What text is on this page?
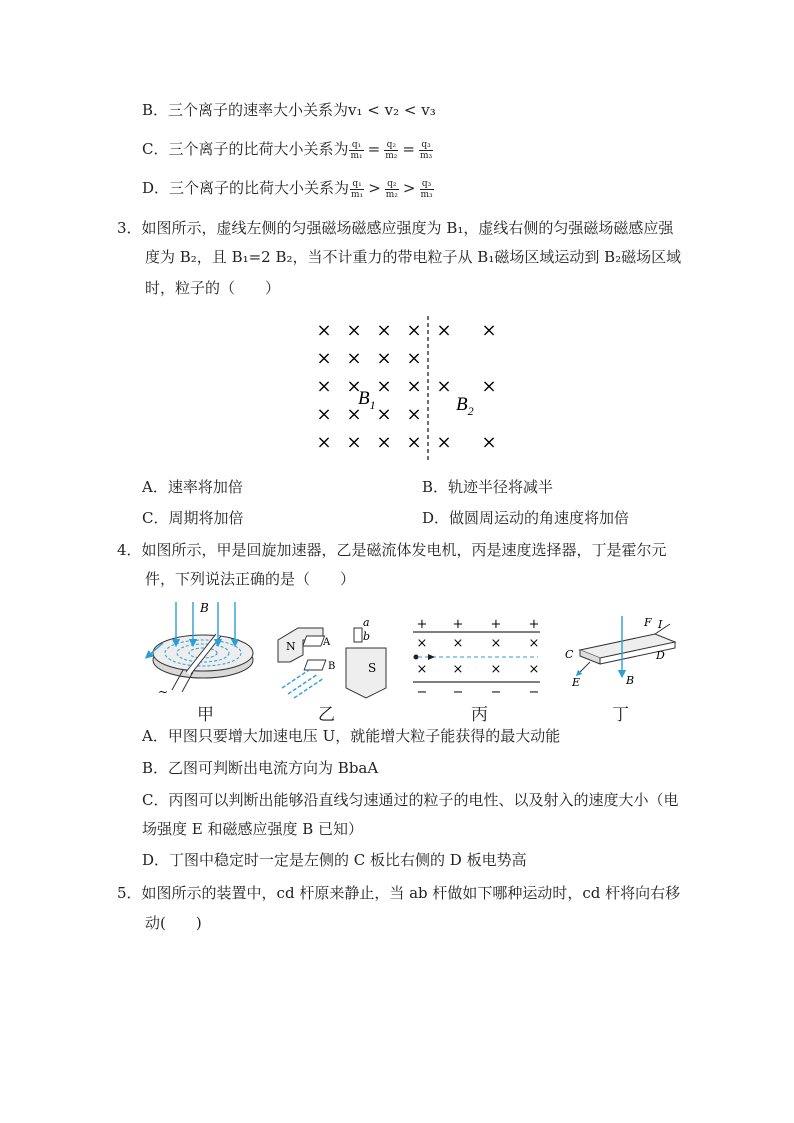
B．三个离子的速率大小关系为v₁ < v₂ < v₃
C．三个离子的比荷大小关系为 $\frac{\text{q₁}}{\text{m₁}} = \frac{\text{q₂}}{\text{m₂}} = \frac{\text{q₃}}{\text{m₃}}$
D．三个离子的比荷大小关系为 $\frac{\text{q₁}}{\text{m₁}} > \frac{\text{q₂}}{\text{m₂}} > \frac{\text{q₃}}{\text{m₃}}$
3．如图所示，虚线左侧的匀强磁场磁感应强度为 B₁，虚线右侧的匀强磁场磁感应强
度为 B₂，且 B₁=2 B₂，当不计重力的带电粒子从 B₁磁场区域运动到 B₂磁场区域
时，粒子的（　　）
× × × ×
× × × ×
× × × ×
× × × ×
× × × ×
× ×
× ×
× ×
$B_1$	$B_2$
A．速率将加倍	B．轨迹半径将减半
C．周期将加倍	D．做圆周运动的角速度将加倍
4．如图所示，甲是回旋加速器，乙是磁流体发电机，丙是速度选择器，丁是霍尔元
件，下列说法正确的是（　　）
B
~
甲
N	A
B	S
a
b
乙
+ + + +
− − − −
× × × ×
× × × ×
丙
F I
C	D
E	B
丁
A．甲图只要增大加速电压 U，就能增大粒子能获得的最大动能
B．乙图可判断出电流方向为 BbaA
C．丙图可以判断出能够沿直线匀速通过的粒子的电性、以及射入的速度大小（电
场强度 E 和磁感应强度 B 已知）
D．丁图中稳定时一定是左侧的 C 板比右侧的 D 板电势高
5．如图所示的装置中，cd 杆原来静止，当 ab 杆做如下哪种运动时，cd 杆将向右移
动(　　)
